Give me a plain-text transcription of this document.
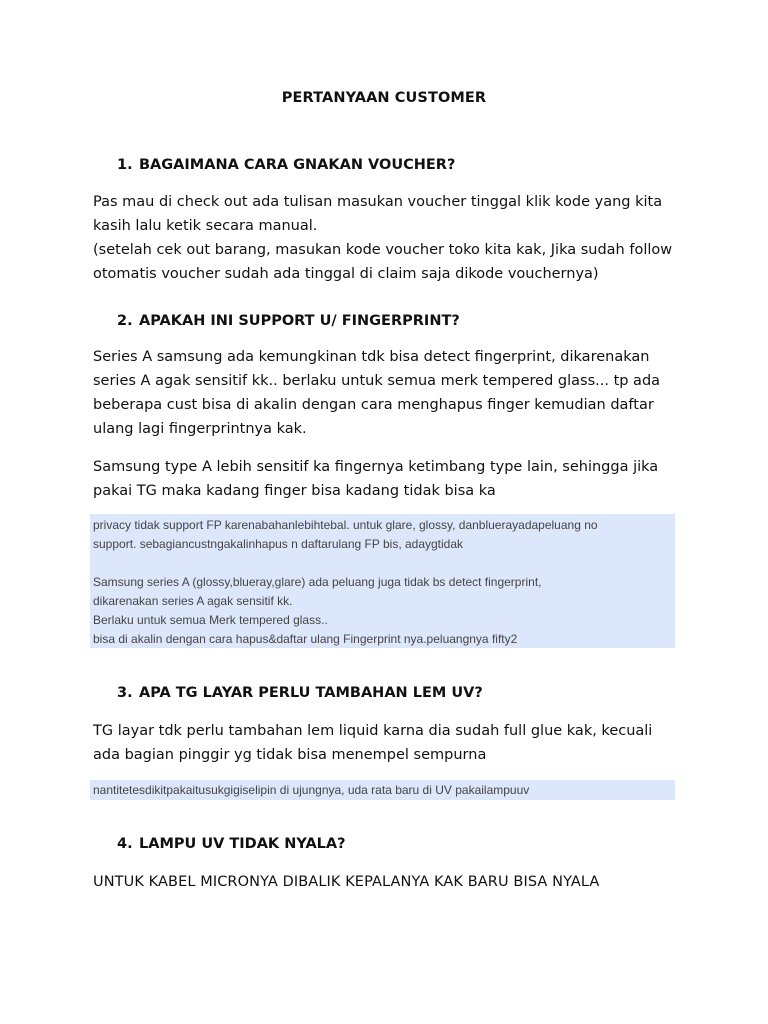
PERTANYAAN CUSTOMER
1. BAGAIMANA CARA GNAKAN VOUCHER?
Pas mau di check out ada tulisan masukan voucher tinggal klik kode yang kita
kasih lalu ketik secara manual.
(setelah cek out barang, masukan kode voucher toko kita kak, Jika sudah follow
otomatis voucher sudah ada tinggal di claim saja dikode vouchernya)
2. APAKAH INI SUPPORT U/ FINGERPRINT?
Series A samsung ada kemungkinan tdk bisa detect fingerprint, dikarenakan
series A agak sensitif kk.. berlaku untuk semua merk tempered glass... tp ada
beberapa cust bisa di akalin dengan cara menghapus finger kemudian daftar
ulang lagi fingerprintnya kak.
Samsung type A lebih sensitif ka fingernya ketimbang type lain, sehingga jika
pakai TG maka kadang finger bisa kadang tidak bisa ka
privacy tidak support FP karenabahanlebihtebal. untuk glare, glossy, danbluerayadapeluang no
support. sebagiancustngakalinhapus n daftarulang FP bis, adaygtidak
Samsung series A (glossy,blueray,glare) ada peluang juga tidak bs detect fingerprint,
dikarenakan series A agak sensitif kk.
Berlaku untuk semua Merk tempered glass..
bisa di akalin dengan cara hapus&daftar ulang Fingerprint nya.peluangnya fifty2
3. APA TG LAYAR PERLU TAMBAHAN LEM UV?
TG layar tdk perlu tambahan lem liquid karna dia sudah full glue kak, kecuali
ada bagian pinggir yg tidak bisa menempel sempurna
nantitetesdikitpakaitusukgigiselipin di ujungnya, uda rata baru di UV pakailampuuv
4. LAMPU UV TIDAK NYALA?
UNTUK KABEL MICRONYA DIBALIK KEPALANYA KAK BARU BISA NYALA
